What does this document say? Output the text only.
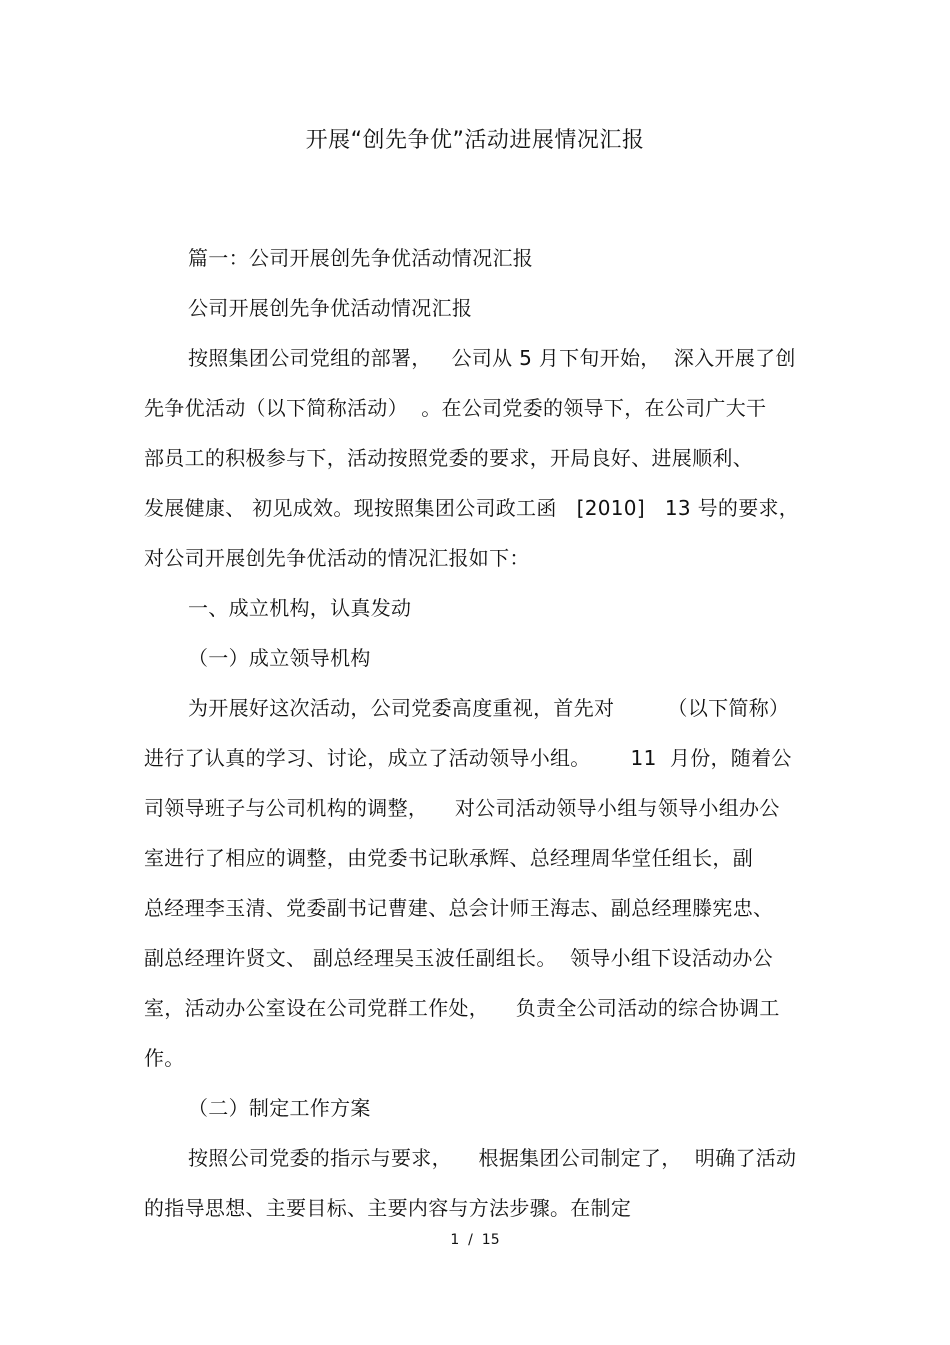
开展“创先争优”活动进展情况汇报
篇一：公司开展创先争优活动情况汇报
公司开展创先争优活动情况汇报
按照集团公司党组的部署，   公司从 5 月下旬开始，  深入开展了创
先争优活动（以下简称活动）  。在公司党委的领导下，在公司广大干
部员工的积极参与下，活动按照党委的要求，开局良好、进展顺利、
发展健康、 初见成效。现按照集团公司政工函   [2010]   13 号的要求，
对公司开展创先争优活动的情况汇报如下：
一、成立机构，认真发动
（一）成立领导机构
为开展好这次活动，公司党委高度重视，首先对        （以下简称）
进行了认真的学习、讨论，成立了活动领导小组。      11  月份，随着公
司领导班子与公司机构的调整，    对公司活动领导小组与领导小组办公
室进行了相应的调整，由党委书记耿承辉、总经理周华堂任组长，副
总经理李玉清、党委副书记曹建、总会计师王海志、副总经理滕宪忠、
副总经理许贤文、 副总经理吴玉波任副组长。  领导小组下设活动办公
室，活动办公室设在公司党群工作处，    负责全公司活动的综合协调工
作。
（二）制定工作方案
按照公司党委的指示与要求，    根据集团公司制定了，  明确了活动
的指导思想、主要目标、主要内容与方法步骤。在制定
1  /  15
